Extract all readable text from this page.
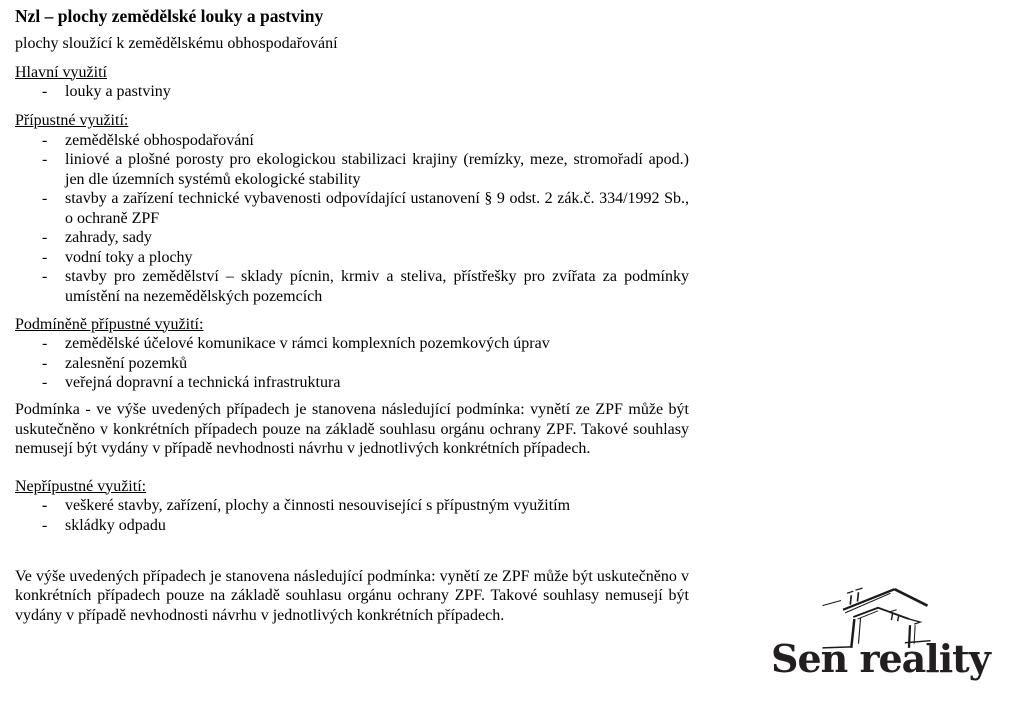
Nzl – plochy zemědělské louky a pastviny
plochy sloužící k zemědělskému obhospodařování
Hlavní využití
-	louky a pastviny
Přípustné využití:
-	zemědělské obhospodařování
-	liniové a plošné porosty pro ekologickou stabilizaci krajiny (remízky, meze, stromořadí apod.) jen dle územních systémů ekologické stability
-	stavby a zařízení technické vybavenosti odpovídající ustanovení § 9 odst. 2 zák.č. 334/1992 Sb., o ochraně ZPF
-	zahrady, sady
-	vodní toky a plochy
-	stavby pro zemědělství – sklady pícnin, krmiv a steliva, přístřešky pro zvířata za podmínky umístění na nezemědělských pozemcích
Podmíněně přípustné využití:
-	zemědělské účelové komunikace v rámci komplexních pozemkových úprav
-	zalesnění pozemků
-	veřejná dopravní a technická infrastruktura
Podmínka - ve výše uvedených případech je stanovena následující podmínka: vynětí ze ZPF může být uskutečněno v konkrétních případech pouze na základě souhlasu orgánu ochrany ZPF. Takové souhlasy nemusejí být vydány v případě nevhodnosti návrhu v jednotlivých konkrétních případech.
Nepřípustné využití:
-	veškeré stavby, zařízení, plochy a činnosti nesouvisející s přípustným využitím
-	skládky odpadu
Ve výše uvedených případech je stanovena následující podmínka: vynětí ze ZPF může být uskutečněno v konkrétních případech pouze na základě souhlasu orgánu ochrany ZPF. Takové souhlasy nemusejí být vydány v případě nevhodnosti návrhu v jednotlivých konkrétních případech.
Sen reality
